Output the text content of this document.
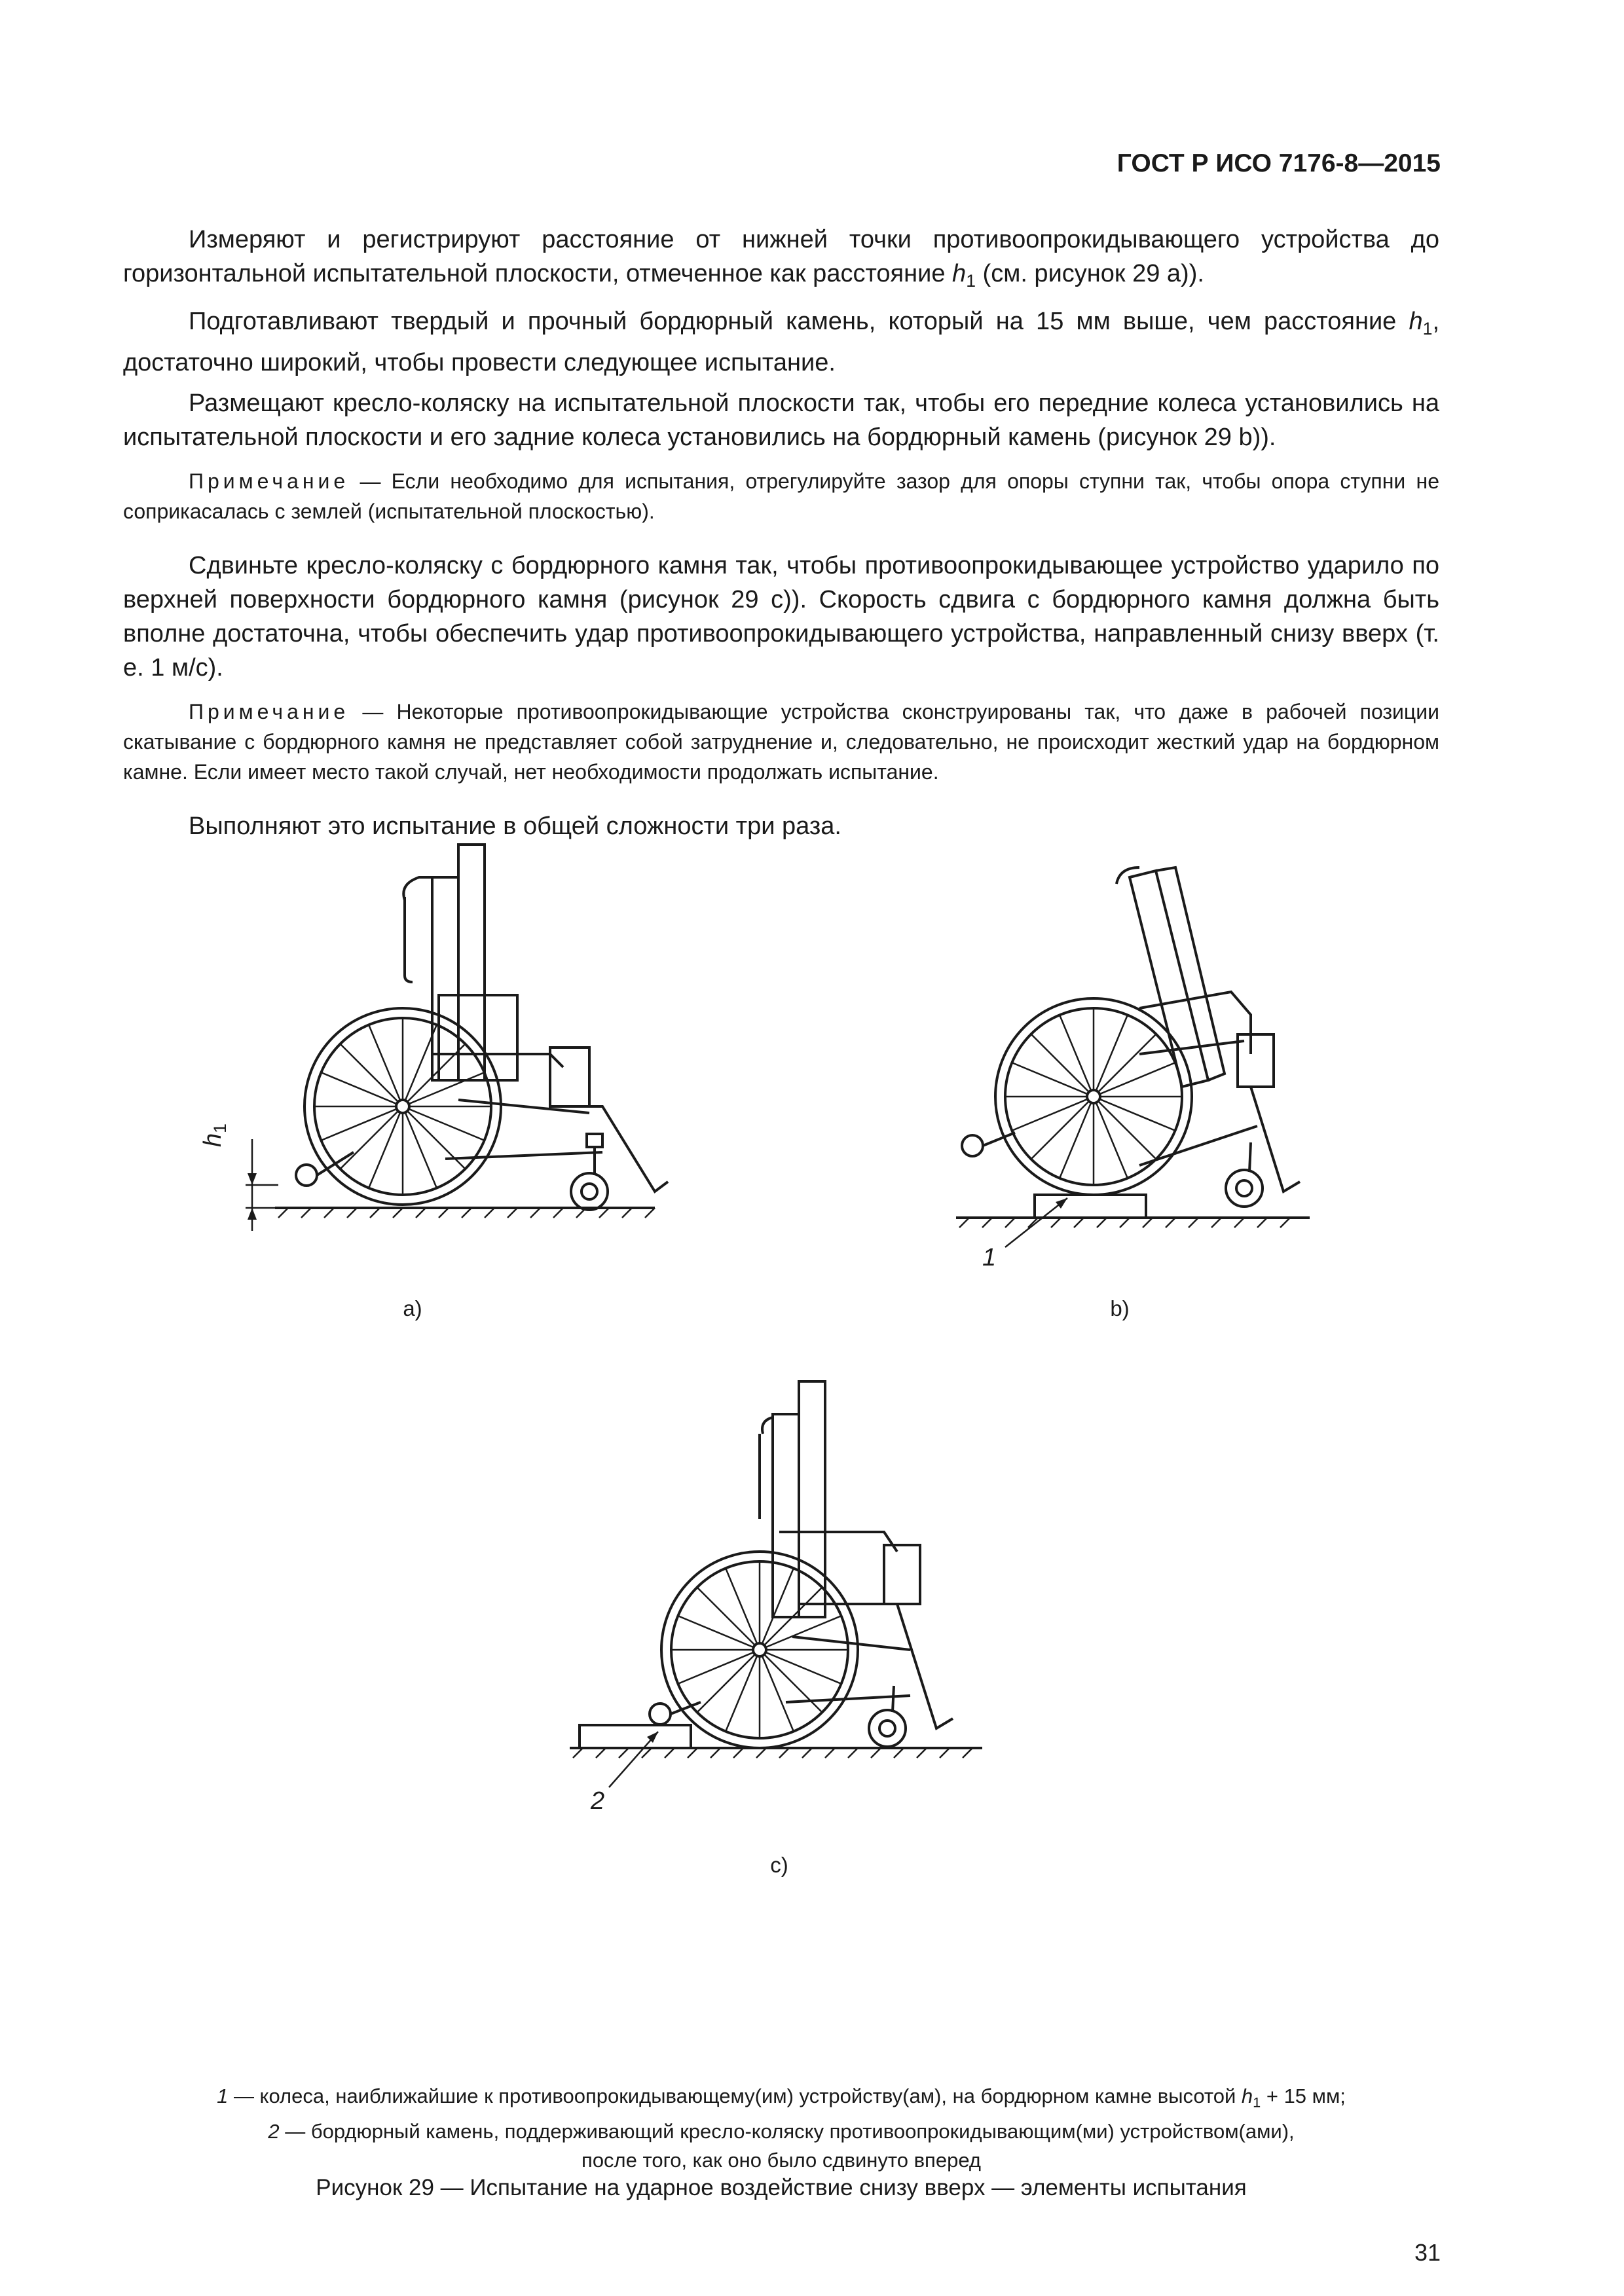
ГОСТ Р ИСО 7176-8—2015

Измеряют и регистрируют расстояние от нижней точки противоопрокидывающего устройства до горизонтальной испытательной плоскости, отмеченное как расстояние $h_1$ (см. рисунок 29 а)).

Подготавливают твердый и прочный бордюрный камень, который на 15 мм выше, чем расстояние $h_1$, достаточно широкий, чтобы провести следующее испытание.

Размещают кресло-коляску на испытательной плоскости так, чтобы его передние колеса установились на испытательной плоскости и его задние колеса установились на бордюрный камень (рисунок 29 b)).

Примечание — Если необходимо для испытания, отрегулируйте зазор для опоры ступни так, чтобы опора ступни не соприкасалась с землей (испытательной плоскостью).

Сдвиньте кресло-коляску с бордюрного камня так, чтобы противоопрокидывающее устройство ударило по верхней поверхности бордюрного камня (рисунок 29 c)). Скорость сдвига с бордюрного камня должна быть вполне достаточна, чтобы обеспечить удар противоопрокидывающего устройства, направленный снизу вверх (т. е. 1 м/с).

Примечание — Некоторые противоопрокидывающие устройства сконструированы так, что даже в рабочей позиции скатывание с бордюрного камня не представляет собой затруднение и, следовательно, не происходит жесткий удар на бордюрном камне. Если имеет место такой случай, нет необходимости продолжать испытание.

Выполняют это испытание в общей сложности три раза.

$h_1$
a)
1
b)
2
c)
1 — колеса, наиближайшие к противоопрокидывающему(им) устройству(ам), на бордюрном камне высотой $h_1 + 15$ мм;
2 — бордюрный камень, поддерживающий кресло-коляску противоопрокидывающим(ми) устройством(ами),
после того, как оно было сдвинуто вперед
Рисунок 29 — Испытание на ударное воздействие снизу вверх — элементы испытания
31
